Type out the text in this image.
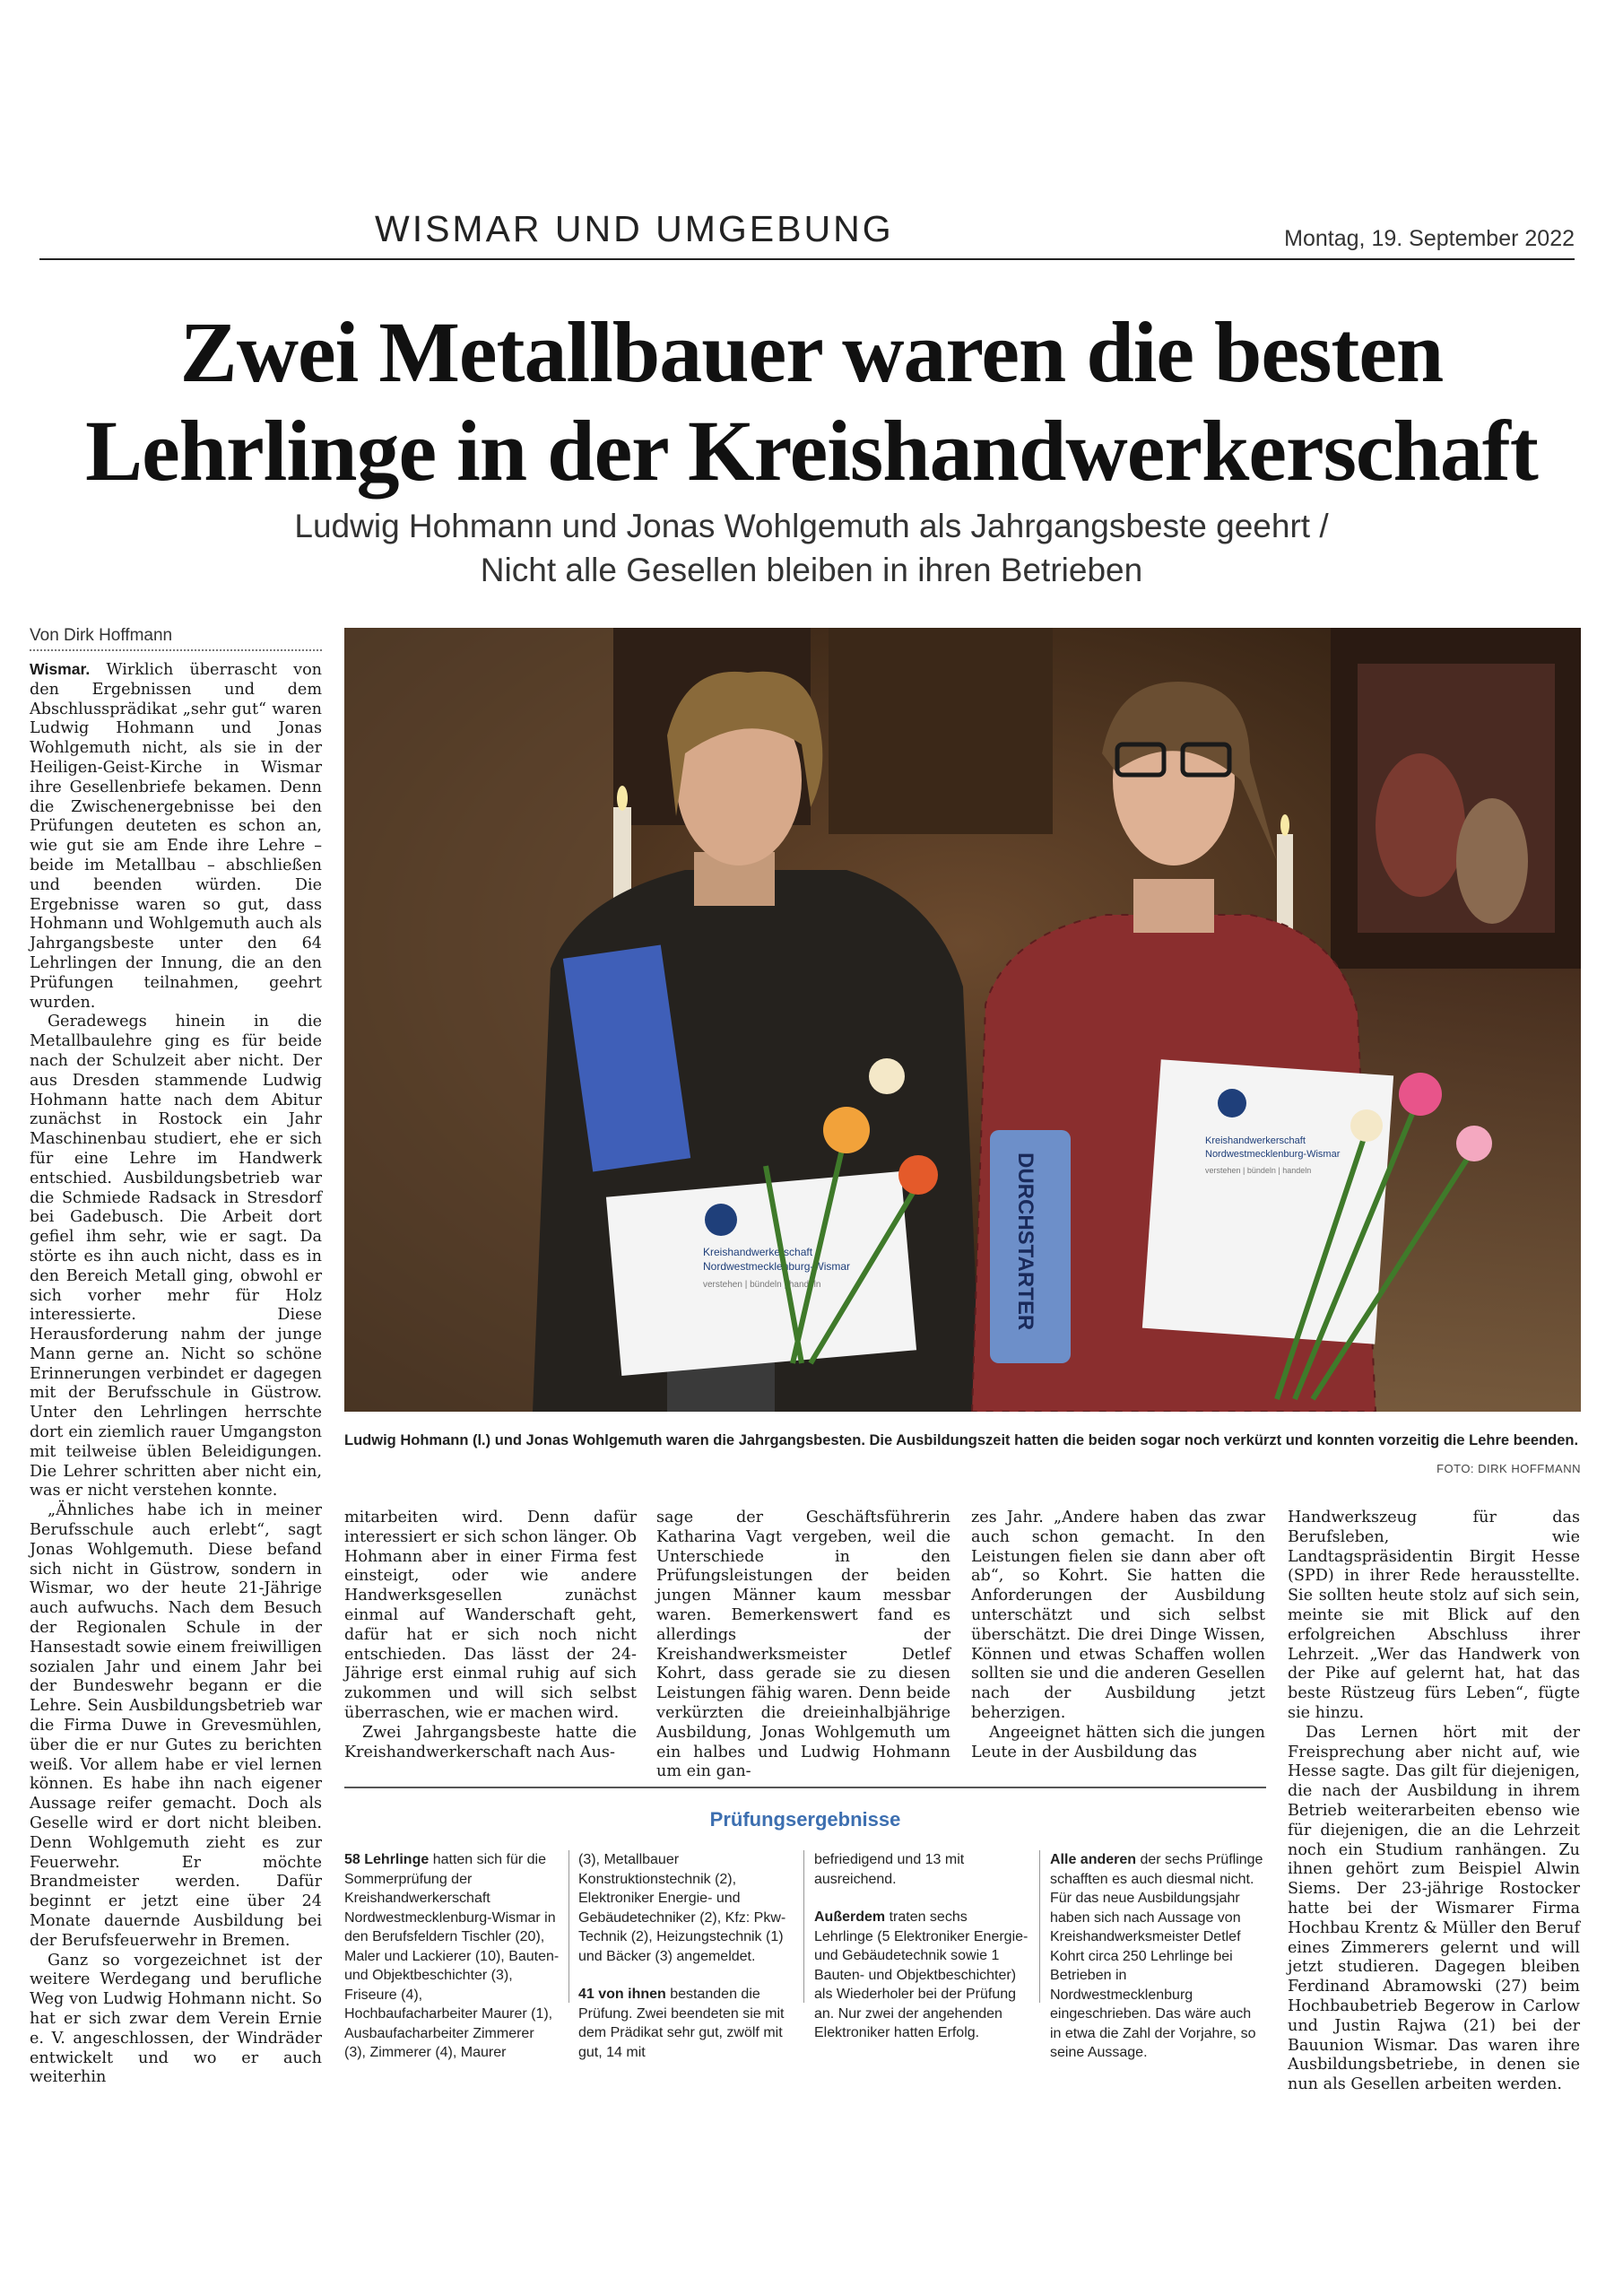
WISMAR UND UMGEBUNG	Montag, 19. September 2022
Zwei Metallbauer waren die besten
Lehrlinge in der Kreishandwerkerschaft
Ludwig Hohmann und Jonas Wohlgemuth als Jahrgangsbeste geehrt /
Nicht alle Gesellen bleiben in ihren Betrieben
Von Dirk Hoffmann

Wismar. Wirklich überrascht von den Ergebnissen und dem Abschlussprädikat „sehr gut“ waren Ludwig Hohmann und Jonas Wohlgemuth nicht, als sie in der Heiligen-Geist-Kirche in Wismar ihre Gesellenbriefe bekamen. Denn die Zwischenergebnisse bei den Prüfungen deuteten es schon an, wie gut sie am Ende ihre Lehre – beide im Metallbau – abschließen und beenden würden. Die Ergebnisse waren so gut, dass Hohmann und Wohlgemuth auch als Jahrgangsbeste unter den 64 Lehrlingen der Innung, die an den Prüfungen teilnahmen, geehrt wurden.

Geradewegs hinein in die Metallbaulehre ging es für beide nach der Schulzeit aber nicht. Der aus Dresden stammende Ludwig Hohmann hatte nach dem Abitur zunächst in Rostock ein Jahr Maschinenbau studiert, ehe er sich für eine Lehre im Handwerk entschied. Ausbildungsbetrieb war die Schmiede Radsack in Stresdorf bei Gadebusch. Die Arbeit dort gefiel ihm sehr, wie er sagt. Da störte es ihn auch nicht, dass es in den Bereich Metall ging, obwohl er sich vorher mehr für Holz interessierte. Diese Herausforderung nahm der junge Mann gerne an. Nicht so schöne Erinnerungen verbindet er dagegen mit der Berufsschule in Güstrow. Unter den Lehrlingen herrschte dort ein ziemlich rauer Umgangston mit teilweise üblen Beleidigungen. Die Lehrer schritten aber nicht ein, was er nicht verstehen konnte.

„Ähnliches habe ich in meiner Berufsschule auch erlebt“, sagt Jonas Wohlgemuth. Diese befand sich nicht in Güstrow, sondern in Wismar, wo der heute 21-Jährige auch aufwuchs. Nach dem Besuch der Regionalen Schule in der Hansestadt sowie einem freiwilligen sozialen Jahr und einem Jahr bei der Bundeswehr begann er die Lehre. Sein Ausbildungsbetrieb war die Firma Duwe in Grevesmühlen, über die er nur Gutes zu berichten weiß. Vor allem habe er viel lernen können. Es habe ihn nach eigener Aussage reifer gemacht. Doch als Geselle wird er dort nicht bleiben. Denn Wohlgemuth zieht es zur Feuerwehr. Er möchte Brandmeister werden. Dafür beginnt er jetzt eine über 24 Monate dauernde Ausbildung bei der Berufsfeuerwehr in Bremen.

Ganz so vorgezeichnet ist der weitere Werdegang und berufliche Weg von Ludwig Hohmann nicht. So hat er sich zwar dem Verein Ernie e. V. angeschlossen, der Windräder entwickelt und wo er auch weiterhin

Kreishandwerkerschaft
Nordwestmecklenburg-Wismar
verstehen | bündeln | handeln
Kreishandwerkerschaft
Nordwestmecklenburg-Wismar
verstehen | bündeln | handeln
DURCHSTARTER
Ludwig Hohmann (l.) und Jonas Wohlgemuth waren die Jahrgangsbesten. Die Ausbildungszeit hatten die beiden sogar noch verkürzt und konnten vorzeitig die Lehre beenden.
FOTO: DIRK HOFFMANN

mitarbeiten wird. Denn dafür interessiert er sich schon länger. Ob Hohmann aber in einer Firma fest einsteigt, oder wie andere Handwerksgesellen zunächst einmal auf Wanderschaft geht, dafür hat er sich noch nicht entschieden. Das lässt der 24-Jährige erst einmal ruhig auf sich zukommen und will sich selbst überraschen, wie er machen wird.

Zwei Jahrgangsbeste hatte die Kreishandwerkerschaft nach Aus-

sage der Geschäftsführerin Katharina Vagt vergeben, weil die Unterschiede in den Prüfungsleistungen der beiden jungen Männer kaum messbar waren. Bemerkenswert fand es allerdings der Kreishandwerksmeister Detlef Kohrt, dass gerade sie zu diesen Leistungen fähig waren. Denn beide verkürzten die dreieinhalbjährige Ausbildung, Jonas Wohlgemuth um ein halbes und Ludwig Hohmann um ein gan-

zes Jahr. „Andere haben das zwar auch schon gemacht. In den Leistungen fielen sie dann aber oft ab“, so Kohrt. Sie hatten die Anforderungen der Ausbildung unterschätzt und sich selbst überschätzt. Die drei Dinge Wissen, Können und etwas Schaffen wollen sollten sie und die anderen Gesellen nach der Ausbildung jetzt beherzigen.

Angeeignet hätten sich die jungen Leute in der Ausbildung das

Handwerkszeug für das Berufsleben, wie Landtagspräsidentin Birgit Hesse (SPD) in ihrer Rede herausstellte. Sie sollten heute stolz auf sich sein, meinte sie mit Blick auf den erfolgreichen Abschluss ihrer Lehrzeit. „Wer das Handwerk von der Pike auf gelernt hat, hat das beste Rüstzeug fürs Leben“, fügte sie hinzu.

Das Lernen hört mit der Freisprechung aber nicht auf, wie Hesse sagte. Das gilt für diejenigen, die nach der Ausbildung in ihrem Betrieb weiterarbeiten ebenso wie für diejenigen, die an die Lehrzeit noch ein Studium ranhängen. Zu ihnen gehört zum Beispiel Alwin Siems. Der 23-jährige Rostocker hatte bei der Wismarer Firma Hochbau Krentz & Müller den Beruf eines Zimmerers gelernt und will jetzt studieren. Dagegen bleiben Ferdinand Abramowski (27) beim Hochbaubetrieb Begerow in Carlow und Justin Rajwa (21) bei der Bauunion Wismar. Das waren ihre Ausbildungsbetriebe, in denen sie nun als Gesellen arbeiten werden.

Prüfungsergebnisse

58 Lehrlinge hatten sich für die Sommerprüfung der Kreishandwerkerschaft Nordwestmecklenburg-Wismar in den Berufsfeldern Tischler (20), Maler und Lackierer (10), Bauten- und Objektbeschichter (3), Friseure (4), Hochbaufacharbeiter Maurer (1), Ausbaufacharbeiter Zimmerer (3), Zimmerer (4), Maurer

(3), Metallbauer Konstruktionstechnik (2), Elektroniker Energie- und Gebäudetechniker (2), Kfz: Pkw-Technik (2), Heizungstechnik (1) und Bäcker (3) angemeldet.

41 von ihnen bestanden die Prüfung. Zwei beendeten sie mit dem Prädikat sehr gut, zwölf mit gut, 14 mit

befriedigend und 13 mit ausreichend.

Außerdem traten sechs Lehrlinge (5 Elektroniker Energie- und Gebäudetechnik sowie 1 Bauten- und Objektbeschichter) als Wiederholer bei der Prüfung an. Nur zwei der angehenden Elektroniker hatten Erfolg.

Alle anderen der sechs Prüflinge schafften es auch diesmal nicht. Für das neue Ausbildungsjahr haben sich nach Aussage von Kreishandwerksmeister Detlef Kohrt circa 250 Lehrlinge bei Betrieben in Nordwestmecklenburg eingeschrieben. Das wäre auch in etwa die Zahl der Vorjahre, so seine Aussage.
